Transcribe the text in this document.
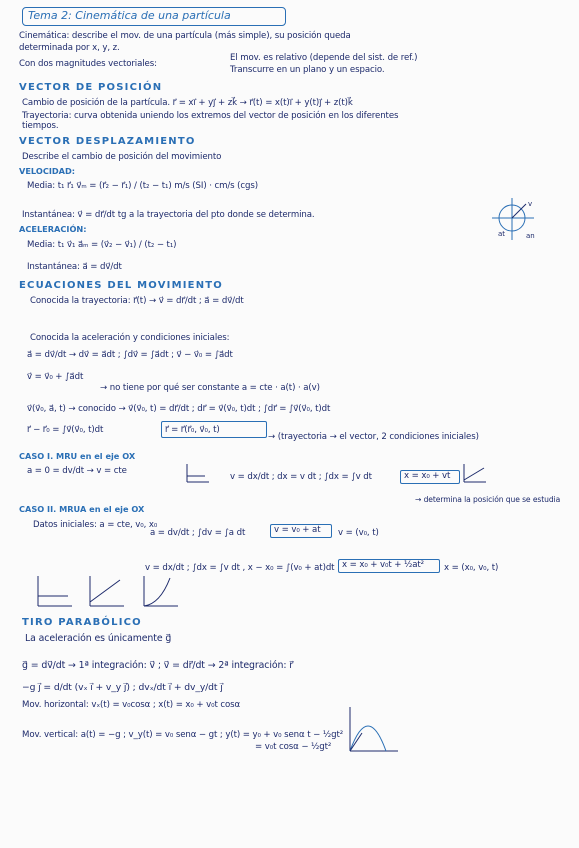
Tema 2: Cinemática de una partícula
Cinemática: describe el mov. de una partícula (más simple), su posición queda
determinada por x, y, z.
Con dos magnitudes vectoriales:
El mov. es relativo (depende del sist. de ref.)
Transcurre en un plano y un espacio.
VECTOR DE POSICIÓN
Cambio de posición de la partícula. r⃗ = xi⃗ + yj⃗ + zk⃗ → r⃗(t) = x(t)i⃗ + y(t)j⃗ + z(t)k⃗
Trayectoria: curva obtenida uniendo los extremos del vector de posición en los diferentes
tiempos.
VECTOR DESPLAZAMIENTO
Describe el cambio de posición del movimiento
VELOCIDAD:
Media: t₁ r⃗₁ v⃗ₘ = (r⃗₂ − r⃗₁) / (t₂ − t₁) m/s (SI) · cm/s (cgs)
Instantánea: v⃗ = dr⃗/dt tg a la trayectoria del pto donde se determina.
ACELERACIÓN:
Media: t₁ v⃗₁ a⃗ₘ = (v⃗₂ − v⃗₁) / (t₂ − t₁)
Instantánea: a⃗ = dv⃗/dt
v
at	an
ECUACIONES DEL MOVIMIENTO
Conocida la trayectoria: r⃗(t) → v⃗ = dr⃗/dt ; a⃗ = dv⃗/dt
Conocida la aceleración y condiciones iniciales:
a⃗ = dv⃗/dt → dv⃗ = a⃗dt ; ∫dv⃗ = ∫a⃗dt ; v⃗ − v⃗₀ = ∫a⃗dt
v⃗ = v⃗₀ + ∫a⃗dt
→ no tiene por qué ser constante a = cte · a(t) · a(v)
v⃗(v⃗₀, a⃗, t) → conocido → v⃗(v⃗₀, t) = dr⃗/dt ; dr⃗ = v⃗(v⃗₀, t)dt ; ∫dr⃗ = ∫v⃗(v⃗₀, t)dt
r⃗ − r⃗₀ = ∫v⃗(v⃗₀, t)dt	r⃗ = r⃗(r⃗₀, v⃗₀, t)
→ (trayectoria → el vector, 2 condiciones iniciales)
CASO I. MRU en el eje OX
a = 0 = dv/dt → v = cte
v = dx/dt ; dx = v dt ; ∫dx = ∫v dt	x = x₀ + vt
→ determina la posición que se estudia
CASO II. MRUA en el eje OX
Datos iniciales: a = cte, v₀, x₀
a = dv/dt ; ∫dv = ∫a dt	v = v₀ + at v = (v₀, t)
v = dx/dt ; ∫dx = ∫v dt , x − x₀ = ∫(v₀ + at)dt x = x₀ + v₀t + ½at² x = (x₀, v₀, t)
TIRO PARABÓLICO
La aceleración es únicamente g⃗
g⃗ = dv⃗/dt → 1ª integración: v⃗ ; v⃗ = dr⃗/dt → 2ª integración: r⃗
−g j⃗ = d/dt (vₓ i⃗ + v_y j⃗) ; dvₓ/dt i⃗ + dv_y/dt j⃗
Mov. horizontal: vₓ(t) = v₀cosα ; x(t) = x₀ + v₀t cosα
Mov. vertical: a(t) = −g ; v_y(t) = v₀ senα − gt ; y(t) = y₀ + v₀ senα t − ½gt²
= v₀t cosα − ½gt²
